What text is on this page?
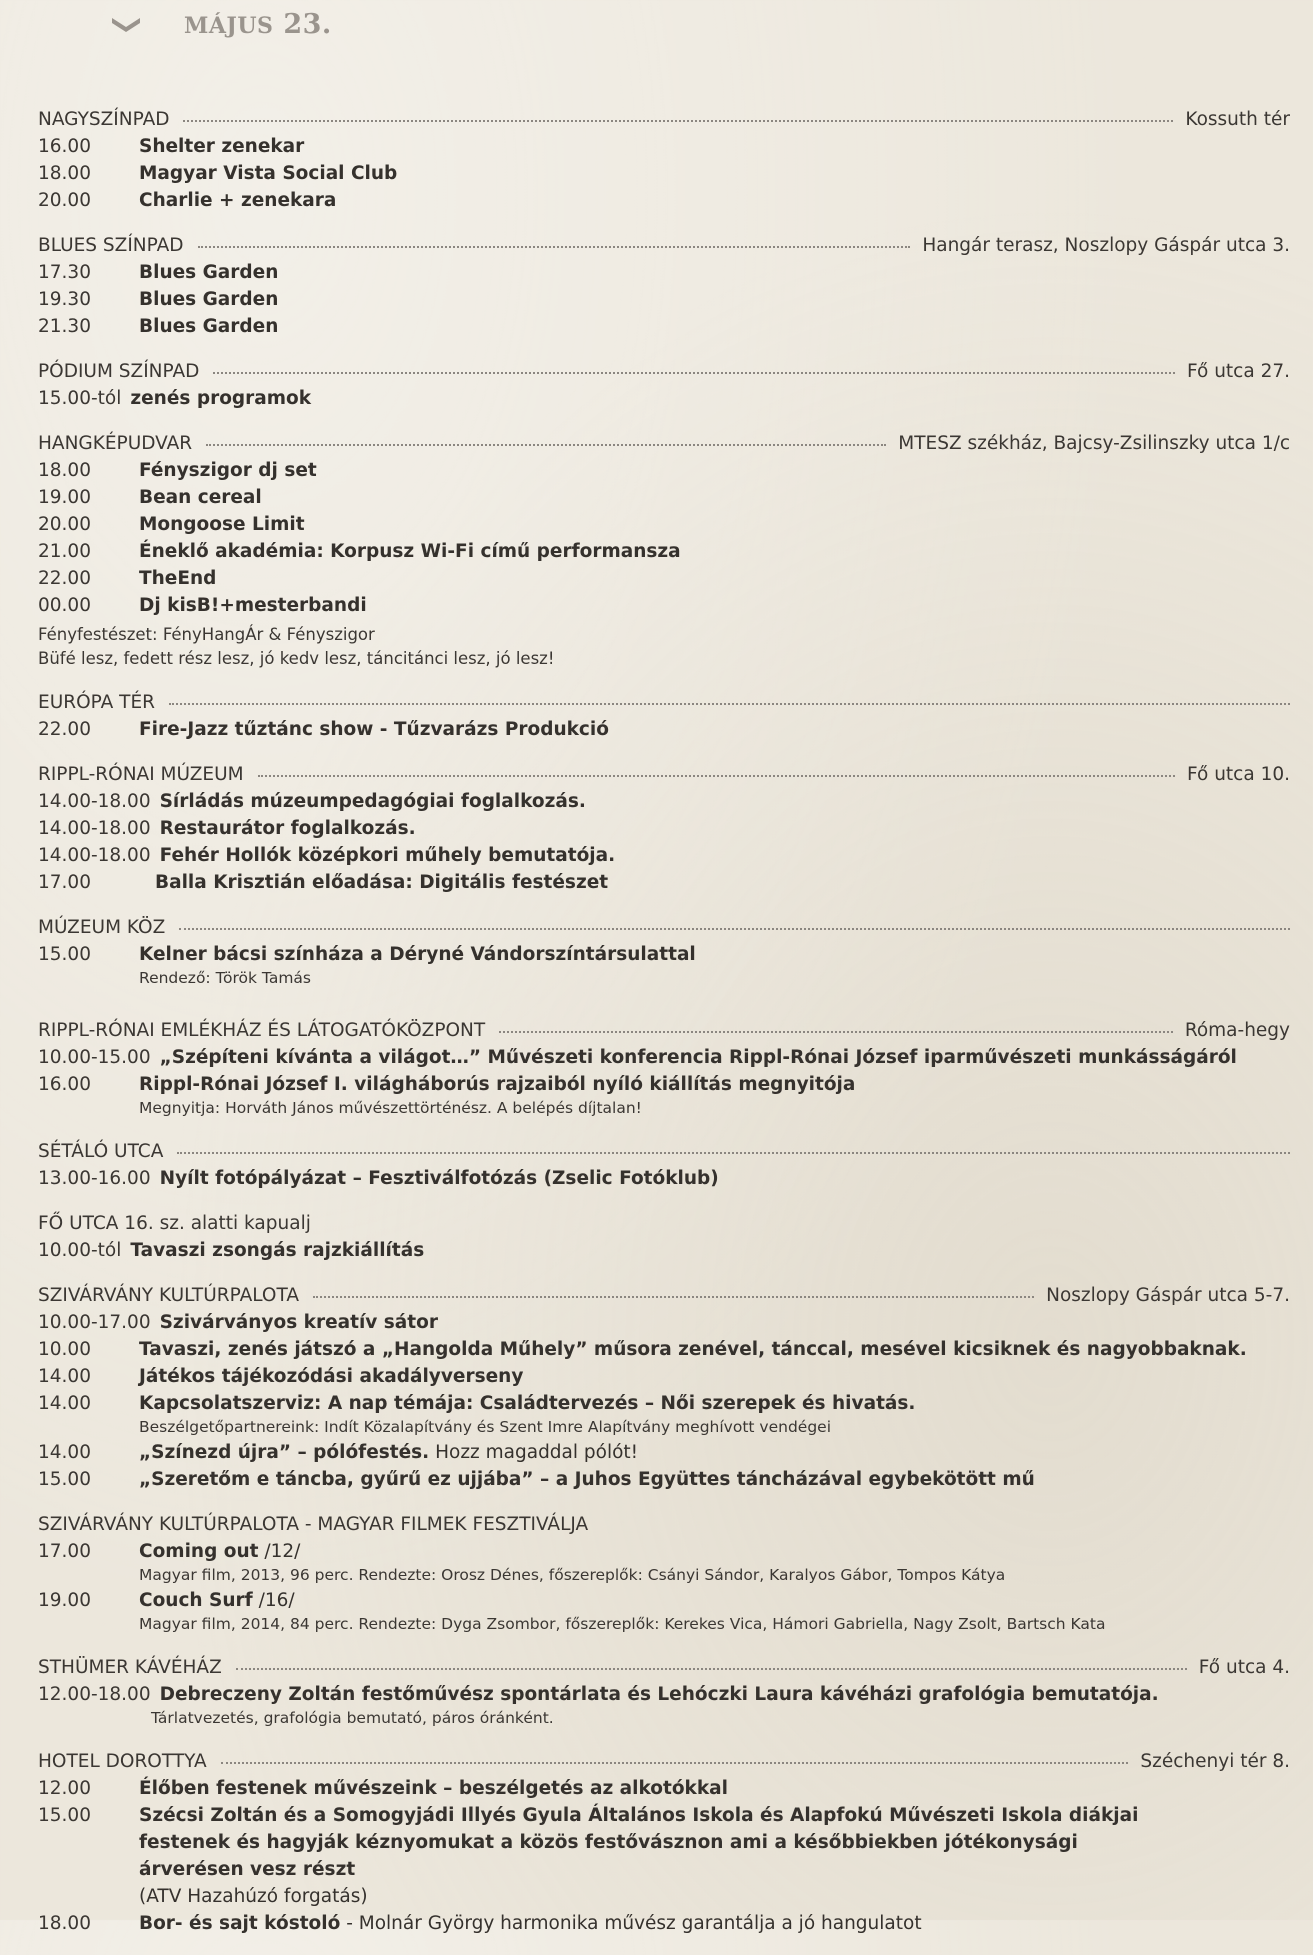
MÁJUS 23.
NAGYSZÍNPAD	Kossuth tér
16.00	Shelter zenekar
18.00	Magyar Vista Social Club
20.00	Charlie + zenekara
BLUES SZÍNPAD	Hangár terasz, Noszlopy Gáspár utca 3.
17.30	Blues Garden
19.30	Blues Garden
21.30	Blues Garden
PÓDIUM SZÍNPAD	Fő utca 27.
15.00-tól zenés programok
HANGKÉPUDVAR	MTESZ székház, Bajcsy-Zsilinszky utca 1/c
18.00	Fényszigor dj set
19.00	Bean cereal
20.00	Mongoose Limit
21.00	Éneklő akadémia: Korpusz Wi-Fi című performansza
22.00	TheEnd
00.00	Dj kisB!+mesterbandi
Fényfestészet: FényHangÁr & Fényszigor
Büfé lesz, fedett rész lesz, jó kedv lesz, táncitánci lesz, jó lesz!
EURÓPA TÉR
22.00	Fire-Jazz tűztánc show - Tűzvarázs Produkció
RIPPL-RÓNAI MÚZEUM	Fő utca 10.
14.00-18.00 Sírládás múzeumpedagógiai foglalkozás.
14.00-18.00 Restaurátor foglalkozás.
14.00-18.00 Fehér Hollók középkori műhely bemutatója.
17.00	Balla Krisztián előadása: Digitális festészet
MÚZEUM KÖZ
15.00	Kelner bácsi színháza a Déryné Vándorszíntársulattal
Rendező: Török Tamás
RIPPL-RÓNAI EMLÉKHÁZ ÉS LÁTOGATÓKÖZPONT	Róma-hegy
10.00-15.00 „Szépíteni kívánta a világot…” Művészeti konferencia Rippl-Rónai József iparművészeti munkásságáról
16.00	Rippl-Rónai József I. világháborús rajzaiból nyíló kiállítás megnyitója
Megnyitja: Horváth János művészettörténész. A belépés díjtalan!
SÉTÁLÓ UTCA
13.00-16.00 Nyílt fotópályázat – Fesztiválfotózás (Zselic Fotóklub)
FŐ UTCA 16. sz. alatti kapualj
10.00-tól Tavaszi zsongás rajzkiállítás
SZIVÁRVÁNY KULTÚRPALOTA	Noszlopy Gáspár utca 5-7.
10.00-17.00 Szivárványos kreatív sátor
10.00	Tavaszi, zenés játszó a „Hangolda Műhely” műsora zenével, tánccal, mesével kicsiknek és nagyobbaknak.
14.00	Játékos tájékozódási akadályverseny
14.00	Kapcsolatszerviz: A nap témája: Családtervezés – Női szerepek és hivatás.
Beszélgetőpartnereink: Indít Közalapítvány és Szent Imre Alapítvány meghívott vendégei
14.00	„Színezd újra” – pólófestés. Hozz magaddal pólót!
15.00	„Szeretőm e táncba, gyűrű ez ujjába” – a Juhos Együttes táncházával egybekötött mű
SZIVÁRVÁNY KULTÚRPALOTA - MAGYAR FILMEK FESZTIVÁLJA
17.00	Coming out /12/
Magyar film, 2013, 96 perc. Rendezte: Orosz Dénes, főszereplők: Csányi Sándor, Karalyos Gábor, Tompos Kátya
19.00	Couch Surf /16/
Magyar film, 2014, 84 perc. Rendezte: Dyga Zsombor, főszereplők: Kerekes Vica, Hámori Gabriella, Nagy Zsolt, Bartsch Kata
STHÜMER KÁVÉHÁZ	Fő utca 4.
12.00-18.00 Debreczeny Zoltán festőművész spontárlata és Lehóczki Laura kávéházi grafológia bemutatója.
Tárlatvezetés, grafológia bemutató, páros óránként.
HOTEL DOROTTYA	Széchenyi tér 8.
12.00	Élőben festenek művészeink – beszélgetés az alkotókkal
15.00	Szécsi Zoltán és a Somogyjádi Illyés Gyula Általános Iskola és Alapfokú Művészeti Iskola diákjai festenek és hagyják kéznyomukat a közös festővásznon ami a későbbiekben jótékonysági árverésen vesz részt
(ATV Hazahúzó forgatás)
18.00	Bor- és sajt kóstoló - Molnár György harmonika művész garantálja a jó hangulatot
